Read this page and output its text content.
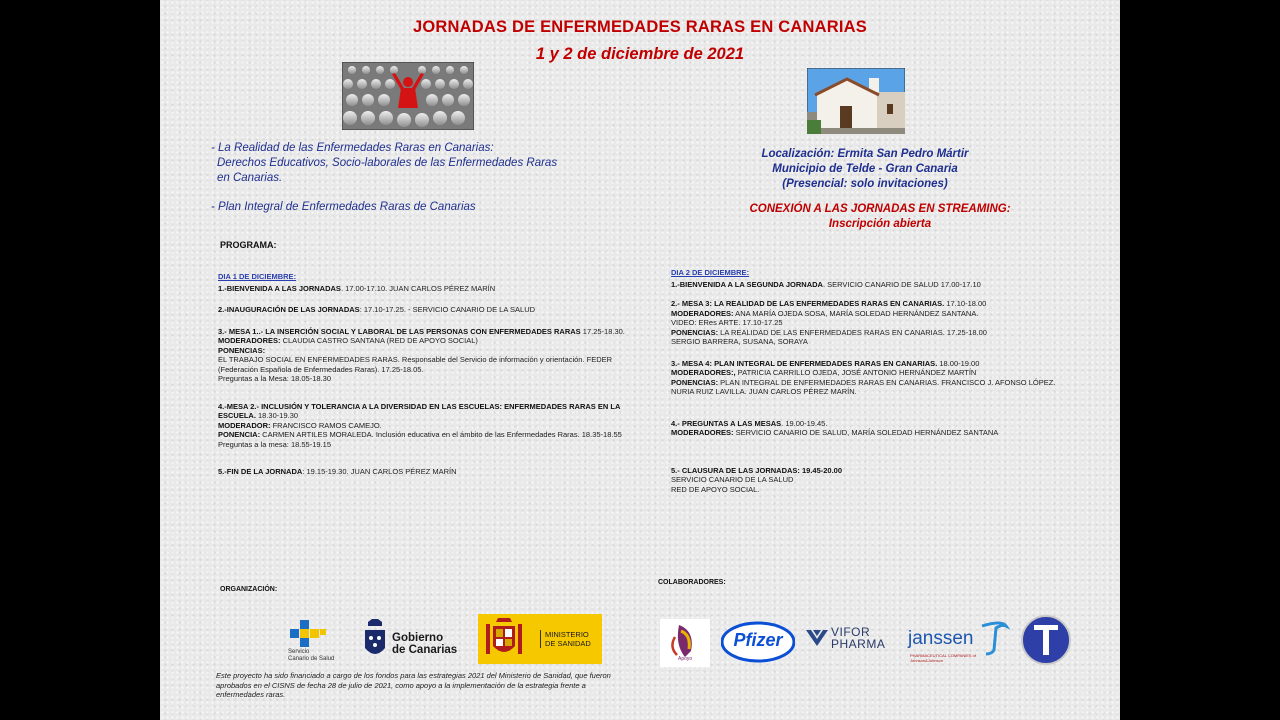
JORNADAS DE ENFERMEDADES RARAS EN CANARIAS
1 y 2 de diciembre de 2021
- La Realidad de las Enfermedades Raras en Canarias:
Derechos Educativos, Socio-laborales de las Enfermedades Raras
en Canarias.
- Plan Integral de Enfermedades Raras de Canarias
Localización: Ermita San Pedro Mártir
Municipio de Telde - Gran Canaria
(Presencial: solo invitaciones)
CONEXIÓN A LAS JORNADAS EN STREAMING:
Inscripción abierta
PROGRAMA:
DIA 1 DE DICIEMBRE:
1.-BIENVENIDA A LAS JORNADAS. 17.00-17.10. JUAN CARLOS PÉREZ MARÍN
2.-INAUGURACIÓN DE LAS JORNADAS: 17.10-17.25. - SERVICIO CANARIO DE LA SALUD
3.- MESA 1..- LA INSERCIÓN SOCIAL Y LABORAL DE LAS PERSONAS CON ENFERMEDADES RARAS 17.25-18.30.
MODERADORES: CLAUDIA CASTRO SANTANA (RED DE APOYO SOCIAL)
PONENCIAS:
EL TRABAJO SOCIAL EN ENFERMEDADES RARAS. Responsable del Servicio de información y orientación. FEDER (Federación Española de Enfermedades Raras). 17.25-18.05.
Preguntas a la Mesa: 18.05-18.30
4.-MESA 2.- INCLUSIÓN Y TOLERANCIA A LA DIVERSIDAD EN LAS ESCUELAS: ENFERMEDADES RARAS EN LA ESCUELA. 18.30-19.30
MODERADOR: FRANCISCO RAMOS CAMEJO.
PONENCIA: CARMEN ARTILES MORALEDA. Inclusión educativa en el ámbito de las Enfermedades Raras. 18.35-18.55
Preguntas a la mesa: 18.55-19.15
5.-FIN DE LA JORNADA: 19.15-19.30. JUAN CARLOS PÉREZ MARÍN
DIA 2 DE DICIEMBRE:
1.-BIENVENIDA A LA SEGUNDA JORNADA. SERVICIO CANARIO DE SALUD 17.00-17.10
2.- MESA 3: LA REALIDAD DE LAS ENFERMEDADES RARAS EN CANARIAS. 17.10-18.00
MODERADORES: ANA MARÍA OJEDA SOSA, MARÍA SOLEDAD HERNÁNDEZ SANTANA.
VIDEO: ERes ARTE. 17.10-17.25
PONENCIAS: LA REALIDAD DE LAS ENFERMEDADES RARAS EN CANARIAS. 17.25-18.00
SERGIO BARRERA, SUSANA, SORAYA
3.- MESA 4: PLAN INTEGRAL DE ENFERMEDADES RARAS EN CANARIAS. 18.00-19.00
MODERADORES:, PATRICIA CARRILLO OJEDA, JOSÉ ANTONIO HERNÁNDEZ MARTÍN
PONENCIAS: PLAN INTEGRAL DE ENFERMEDADES RARAS EN CANARIAS. FRANCISCO J. AFONSO LÓPEZ. NURIA RUIZ LAVILLA. JUAN CARLOS PÉREZ MARÍN.
4.- PREGUNTAS A LAS MESAS. 19.00-19.45.
MODERADORES: SERVICIO CANARIO DE SALUD, MARÍA SOLEDAD HERNÁNDEZ SANTANA
5.- CLAUSURA DE LAS JORNADAS: 19.45-20.00
SERVICIO CANARIO DE LA SALUD
RED DE APOYO SOCIAL.
ORGANIZACIÓN:
COLABORADORES:
Servicio
Canario de Salud
Gobierno
de Canarias
MINISTERIO
DE SANIDAD
Este proyecto ha sido financiado a cargo de los fondos para las estrategias 2021 del Ministerio de Sanidad, que fueron aprobados en el CISNS de fecha 28 de julio de 2021, como apoyo a la implementación de la estrategia frente a enfermedades raras.
Apoyo
Pfizer	VIFOR
PHARMA janssen
PHARMACEUTICAL COMPANIES of Johnson&Johnson
